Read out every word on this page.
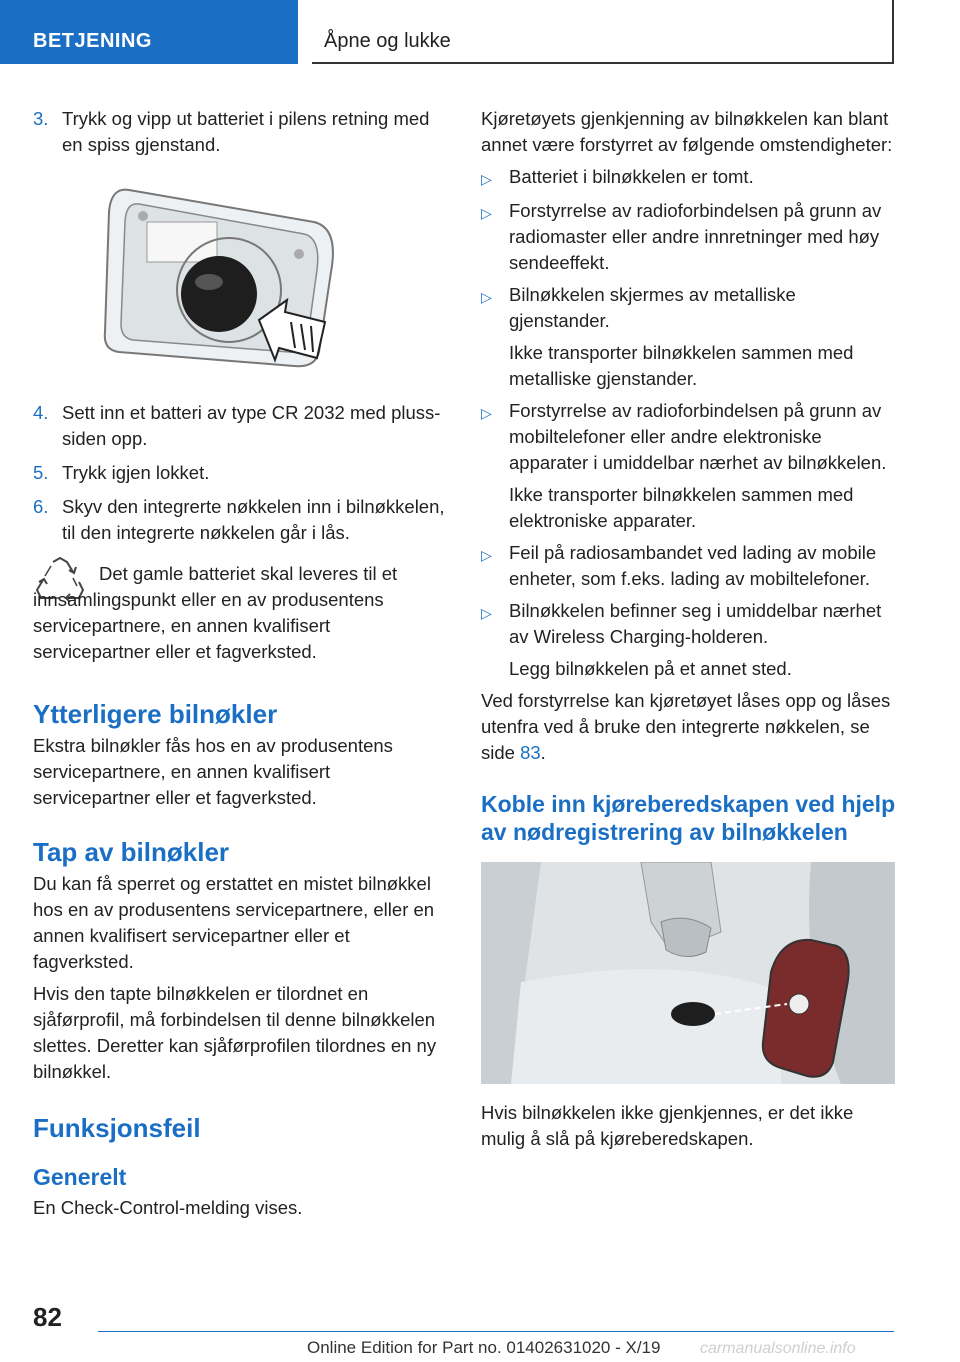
BETJENING	Åpne og lukke
3. Trykk og vipp ut batteriet i pilens retning med en spiss gjenstand.
4. Sett inn et batteri av type CR 2032 med pluss-siden opp.
5. Trykk igjen lokket.
6. Skyv den integrerte nøkkelen inn i bilnøkkelen, til den integrerte nøkkelen går i lås.

Det gamle batteriet skal leveres til et innsamlingspunkt eller en av produsentens servicepartnere, en annen kvalifisert servicepartner eller et fagverksted.

Ytterligere bilnøkler

Ekstra bilnøkler fås hos en av produsentens servicepartnere, en annen kvalifisert servicepartner eller et fagverksted.

Tap av bilnøkler

Du kan få sperret og erstattet en mistet bilnøkkel hos en av produsentens servicepartnere, eller en annen kvalifisert servicepartner eller et fagverksted.

Hvis den tapte bilnøkkelen er tilordnet en sjåførprofil, må forbindelsen til denne bilnøkkelen slettes. Deretter kan sjåførprofilen tilordnes en ny bilnøkkel.

Funksjonsfeil
Generelt

En Check-Control-melding vises.

Kjøretøyets gjenkjenning av bilnøkkelen kan blant annet være forstyrret av følgende omstendigheter:

▷ Batteriet i bilnøkkelen er tomt.
▷ Forstyrrelse av radioforbindelsen på grunn av radiomaster eller andre innretninger med høy sendeeffekt.
▷ Bilnøkkelen skjermes av metalliske gjenstander.

Ikke transporter bilnøkkelen sammen med metalliske gjenstander.

▷ Forstyrrelse av radioforbindelsen på grunn av mobiltelefoner eller andre elektroniske apparater i umiddelbar nærhet av bilnøkkelen.

Ikke transporter bilnøkkelen sammen med elektroniske apparater.

▷ Feil på radiosambandet ved lading av mobile enheter, som f.eks. lading av mobiltelefoner.
▷ Bilnøkkelen befinner seg i umiddelbar nærhet av Wireless Charging-holderen.

Legg bilnøkkelen på et annet sted.

Ved forstyrrelse kan kjøretøyet låses opp og låses utenfra ved å bruke den integrerte nøkkelen, se side 83.

Koble inn kjøreberedskapen ved hjelp av nødregistrering av bilnøkkelen

Hvis bilnøkkelen ikke gjenkjennes, er det ikke mulig å slå på kjøreberedskapen.

82
Online Edition for Part no. 01402631020 - X/19 carmanualsonline.info
